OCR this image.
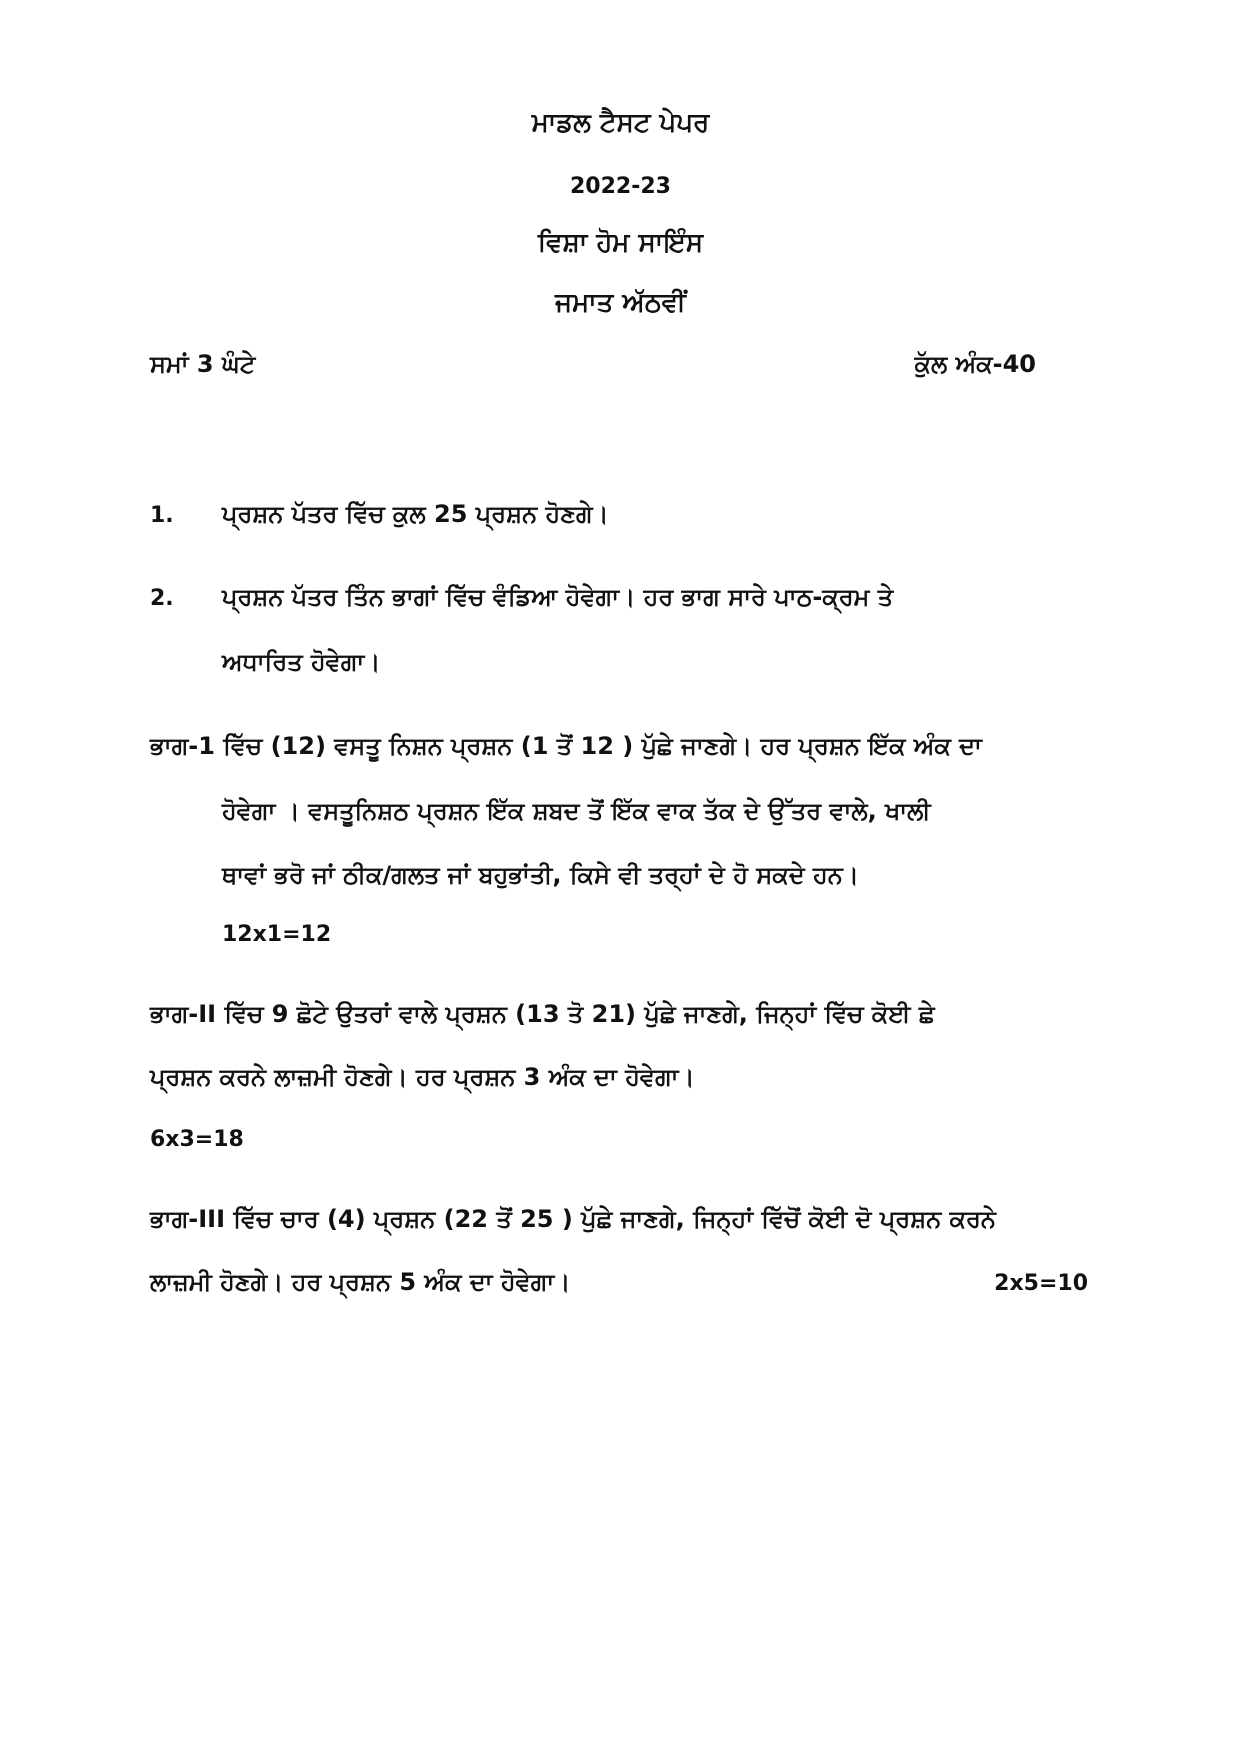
ਮਾਡਲ ਟੈਸਟ ਪੇਪਰ
2022-23
ਵਿਸ਼ਾ ਹੋਮ ਸਾਇੰਸ
ਜਮਾਤ ਅੱਠਵੀਂ
ਸਮਾਂ 3 ਘੰਟੇ	ਕੁੱਲ ਅੰਕ-40
1. ਪ੍ਰਸ਼ਨ ਪੱਤਰ ਵਿੱਚ ਕੁਲ 25 ਪ੍ਰਸ਼ਨ ਹੋਣਗੇ।
2. ਪ੍ਰਸ਼ਨ ਪੱਤਰ ਤਿੰਨ ਭਾਗਾਂ ਵਿੱਚ ਵੰਡਿਆ ਹੋਵੇਗਾ। ਹਰ ਭਾਗ ਸਾਰੇ ਪਾਠ-ਕ੍ਰਮ ਤੇ
ਅਧਾਰਿਤ ਹੋਵੇਗਾ।
ਭਾਗ-1 ਵਿੱਚ (12) ਵਸਤੂ ਨਿਸ਼ਨ ਪ੍ਰਸ਼ਨ (1 ਤੋਂ 12 ) ਪੁੱਛੇ ਜਾਣਗੇ। ਹਰ ਪ੍ਰਸ਼ਨ ਇੱਕ ਅੰਕ ਦਾ
ਹੋਵੇਗਾ । ਵਸਤੂਨਿਸ਼ਠ ਪ੍ਰਸ਼ਨ ਇੱਕ ਸ਼ਬਦ ਤੋਂ ਇੱਕ ਵਾਕ ਤੱਕ ਦੇ ਉੱਤਰ ਵਾਲੇ, ਖਾਲੀ
ਥਾਵਾਂ ਭਰੋ ਜਾਂ ਠੀਕ/ਗਲਤ ਜਾਂ ਬਹੁਭਾਂਤੀ, ਕਿਸੇ ਵੀ ਤਰ੍ਹਾਂ ਦੇ ਹੋ ਸਕਦੇ ਹਨ।
12x1=12
ਭਾਗ-II ਵਿੱਚ 9 ਛੋਟੇ ਉਤਰਾਂ ਵਾਲੇ ਪ੍ਰਸ਼ਨ (13 ਤੋ 21) ਪੁੱਛੇ ਜਾਣਗੇ, ਜਿਨ੍ਹਾਂ ਵਿੱਚ ਕੋਈ ਛੇ
ਪ੍ਰਸ਼ਨ ਕਰਨੇ ਲਾਜ਼ਮੀ ਹੋਣਗੇ। ਹਰ ਪ੍ਰਸ਼ਨ 3 ਅੰਕ ਦਾ ਹੋਵੇਗਾ।
6x3=18
ਭਾਗ-III ਵਿੱਚ ਚਾਰ (4) ਪ੍ਰਸ਼ਨ (22 ਤੋਂ 25 ) ਪੁੱਛੇ ਜਾਣਗੇ, ਜਿਨ੍ਹਾਂ ਵਿੱਚੋਂ ਕੋਈ ਦੋ ਪ੍ਰਸ਼ਨ ਕਰਨੇ
ਲਾਜ਼ਮੀ ਹੋਣਗੇ। ਹਰ ਪ੍ਰਸ਼ਨ 5 ਅੰਕ ਦਾ ਹੋਵੇਗਾ।	2x5=10
